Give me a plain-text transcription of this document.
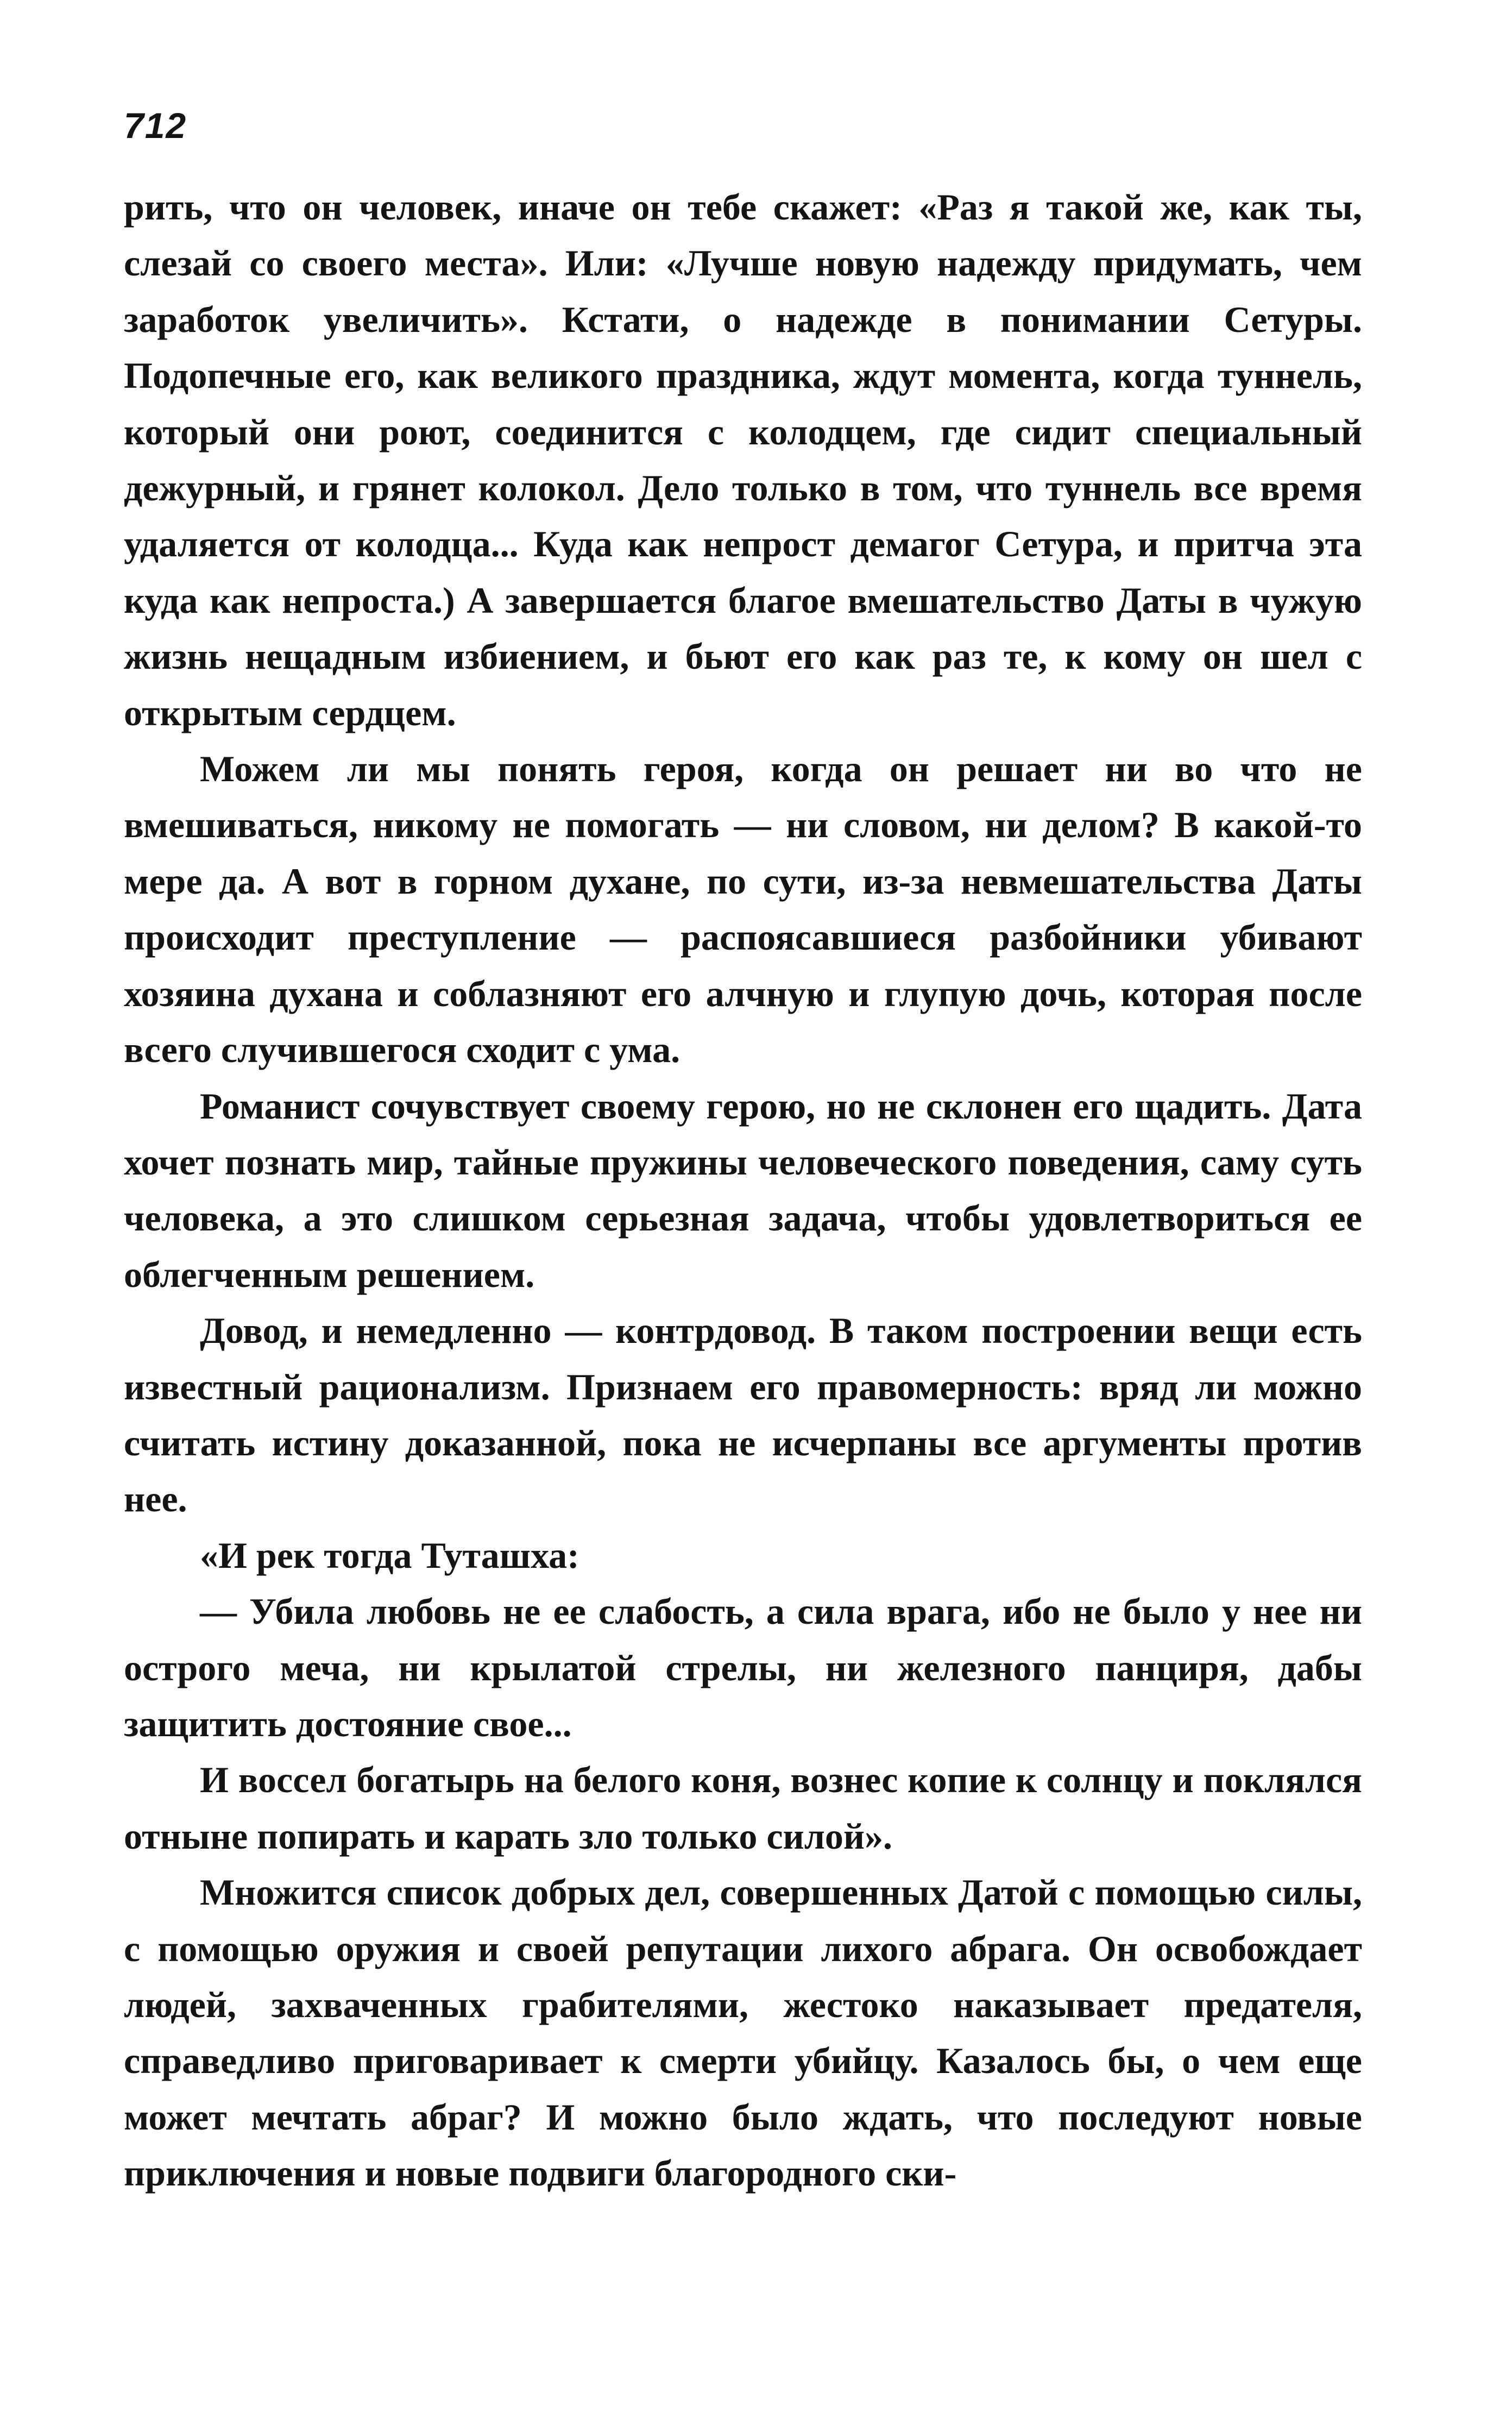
712

рить, что он человек, иначе он тебе скажет: «Раз я такой же, как ты, слезай со своего места». Или: «Лучше новую надежду придумать, чем заработок увеличить». Кстати, о надежде в понимании Сетуры. Подопечные его, как великого праздника, ждут момента, когда туннель, который они роют, соединится с колодцем, где сидит специальный дежурный, и грянет колокол. Дело только в том, что туннель все время удаляется от колодца... Куда как непрост демагог Сетура, и притча эта куда как непроста.) А завершается благое вмешательство Даты в чужую жизнь нещадным избиением, и бьют его как раз те, к кому он шел с открытым сердцем.

Можем ли мы понять героя, когда он решает ни во что не вмешиваться, никому не помогать — ни словом, ни делом? В какой-то мере да. А вот в горном духане, по сути, из-за невмешательства Даты происходит преступление — распоясавшиеся разбойники убивают хозяина духана и соблазняют его алчную и глупую дочь, которая после всего случившегося сходит с ума.

Романист сочувствует своему герою, но не склонен его щадить. Дата хочет познать мир, тайные пружины человеческого поведения, саму суть человека, а это слишком серьезная задача, чтобы удовлетвориться ее облегченным решением.

Довод, и немедленно — контрдовод. В таком построении вещи есть известный рационализм. Признаем его правомерность: вряд ли можно считать истину доказанной, пока не исчерпаны все аргументы против нее.

«И рек тогда Туташха:

— Убила любовь не ее слабость, а сила врага, ибо не было у нее ни острого меча, ни крылатой стрелы, ни железного панциря, дабы защитить достояние свое...

И воссел богатырь на белого коня, вознес копие к солнцу и поклялся отныне попирать и карать зло только силой».

Множится список добрых дел, совершенных Датой с помощью силы, с помощью оружия и своей репутации лихого абрага. Он освобождает людей, захваченных грабителями, жестоко наказывает предателя, справедливо приговаривает к смерти убийцу. Казалось бы, о чем еще может мечтать абраг? И можно было ждать, что последуют новые приключения и новые подвиги благородного ски-
